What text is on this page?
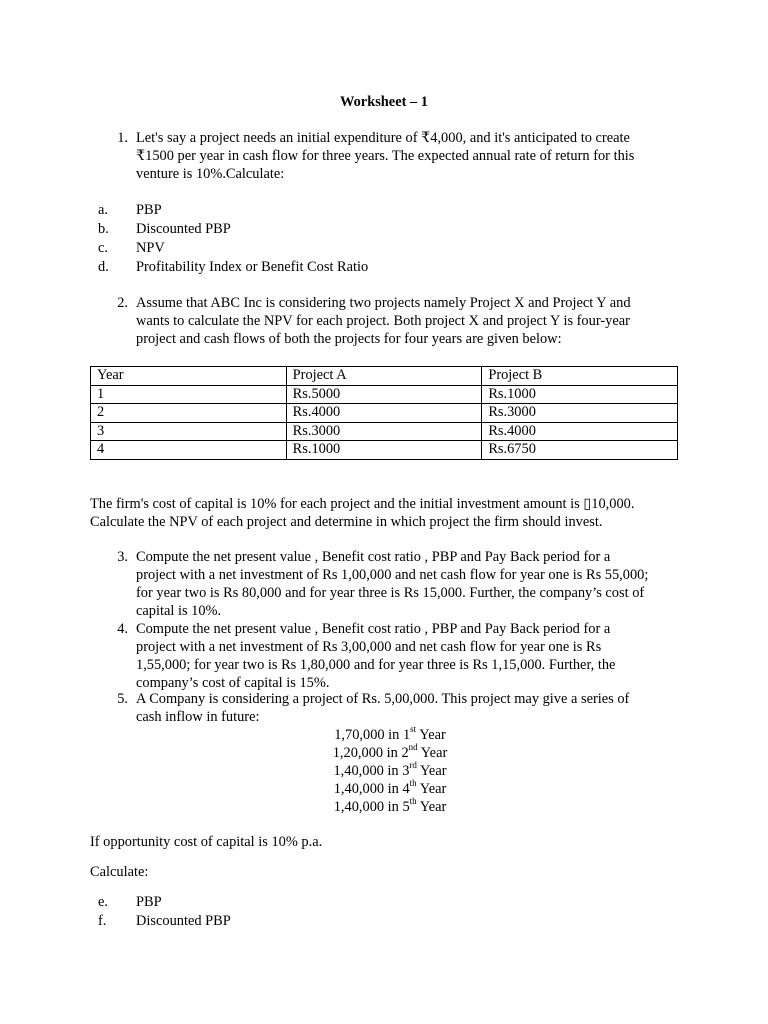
Worksheet – 1
1. Let's say a project needs an initial expenditure of ₹4,000, and it's anticipated to create
₹1500 per year in cash flow for three years. The expected annual rate of return for this
venture is 10%.Calculate:
a.	PBP
b.	Discounted PBP
c.	NPV
d.	Profitability Index or Benefit Cost Ratio
2. Assume that ABC Inc is considering two projects namely Project X and Project Y and
wants to calculate the NPV for each project. Both project X and project Y is four-year
project and cash flows of both the projects for four years are given below:
Year	Project A	Project B
1	Rs.5000	Rs.1000
2	Rs.4000	Rs.3000
3	Rs.3000	Rs.4000
4	Rs.1000	Rs.6750
The firm's cost of capital is 10% for each project and the initial investment amount is ▯10,000.
Calculate the NPV of each project and determine in which project the firm should invest.
3. Compute the net present value , Benefit cost ratio , PBP and Pay Back period for a
project with a net investment of Rs 1,00,000 and net cash flow for year one is Rs 55,000;
for year two is Rs 80,000 and for year three is Rs 15,000. Further, the company’s cost of
capital is 10%.
4. Compute the net present value , Benefit cost ratio , PBP and Pay Back period for a
project with a net investment of Rs 3,00,000 and net cash flow for year one is Rs
1,55,000; for year two is Rs 1,80,000 and for year three is Rs 1,15,000. Further, the
company’s cost of capital is 15%.
5. A Company is considering a project of Rs. 5,00,000. This project may give a series of
cash inflow in future:
1,70,000 in 1st Year
1,20,000 in 2nd Year
1,40,000 in 3rd Year
1,40,000 in 4th Year
1,40,000 in 5th Year
If opportunity cost of capital is 10% p.a.
Calculate:
e.	PBP
f.	Discounted PBP
